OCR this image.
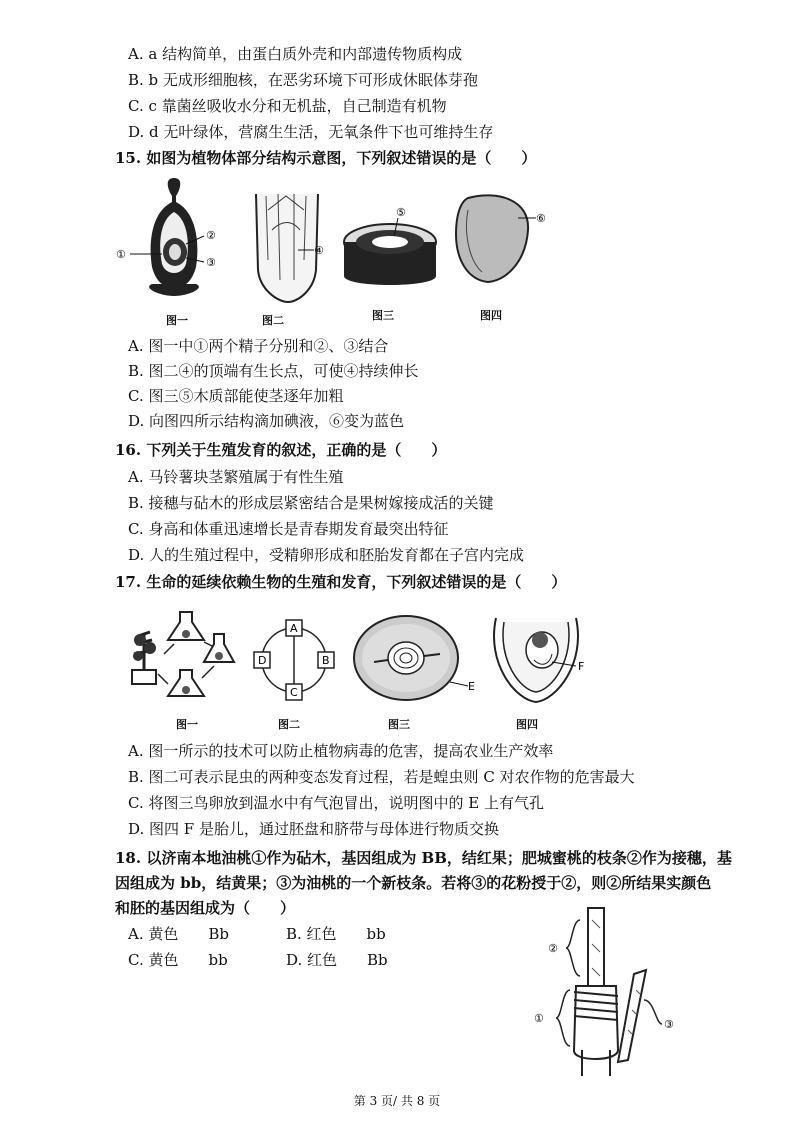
A. a 结构简单，由蛋白质外壳和内部遗传物质构成
B. b 无成形细胞核，在恶劣环境下可形成休眠体芽孢
C. c 靠菌丝吸收水分和无机盐，自己制造有机物
D. d 无叶绿体，营腐生生活，无氧条件下也可维持生存
15. 如图为植物体部分结构示意图，下列叙述错误的是（　　）
①
②
③
图一
④
图二
⑤
图三
⑥
图四
A. 图一中①两个精子分别和②、③结合
B. 图二④的顶端有生长点，可使④持续伸长
C. 图三⑤木质部能使茎逐年加粗
D. 向图四所示结构滴加碘液，⑥变为蓝色
16. 下列关于生殖发育的叙述，正确的是（　　）
A. 马铃薯块茎繁殖属于有性生殖
B. 接穗与砧木的形成层紧密结合是果树嫁接成活的关键
C. 身高和体重迅速增长是青春期发育最突出特征
D. 人的生殖过程中，受精卵形成和胚胎发育都在子宫内完成
17. 生命的延续依赖生物的生殖和发育，下列叙述错误的是（　　）
图一
A
B
C
D
图二
E
图三
F
图四
A. 图一所示的技术可以防止植物病毒的危害，提高农业生产效率
B. 图二可表示昆虫的两种变态发育过程，若是蝗虫则 C 对农作物的危害最大
C. 将图三鸟卵放到温水中有气泡冒出，说明图中的 E 上有气孔
D. 图四 F 是胎儿，通过胚盘和脐带与母体进行物质交换
18. 以济南本地油桃①作为砧木，基因组成为 BB，结红果；肥城蜜桃的枝条②作为接穗，基
因组成为 bb，结黄果；③为油桃的一个新枝条。若将③的花粉授于②，则②所结果实颜色
和胚的基因组成为（　　）
A. 黄色　　Bb	B. 红色　　bb
C. 黄色　　bb	D. 红色　　Bb
②
①	③
第 3 页/ 共 8 页
